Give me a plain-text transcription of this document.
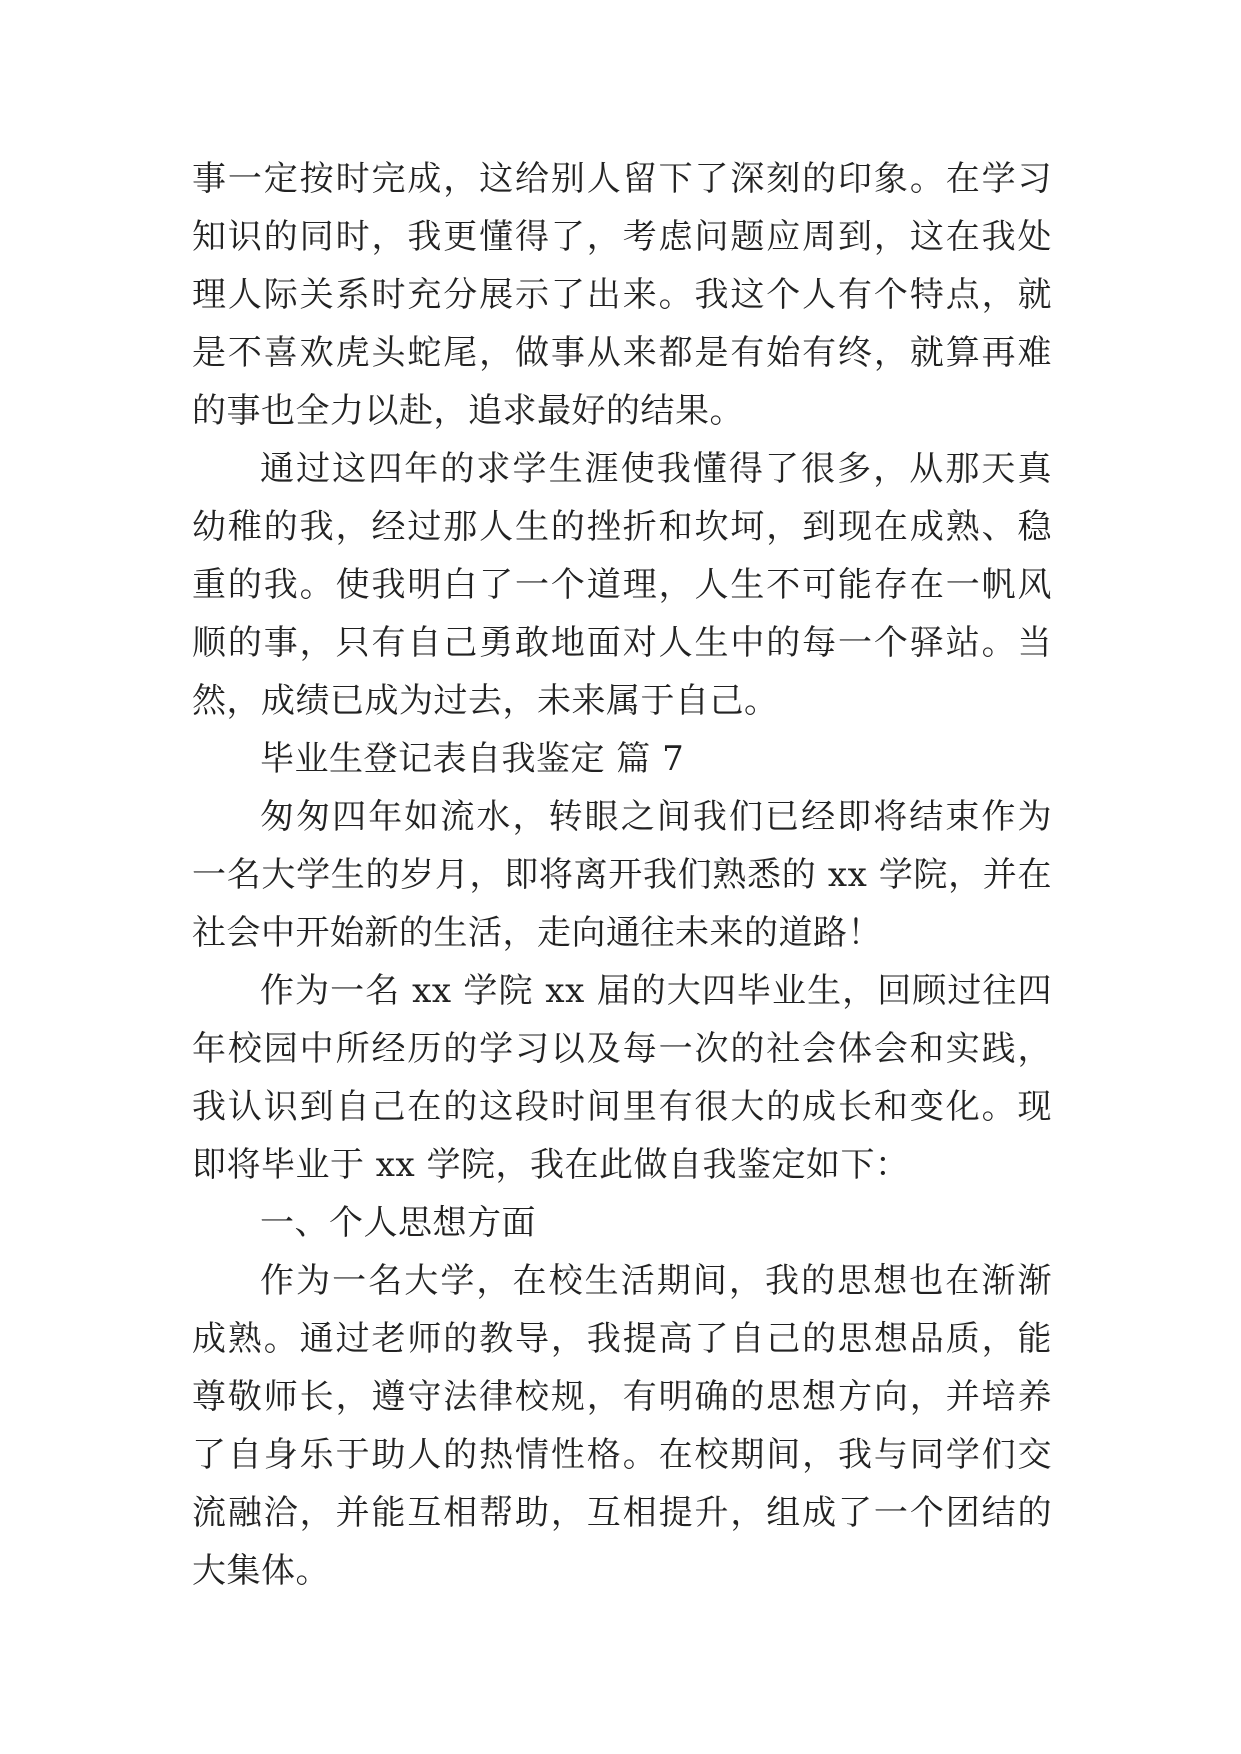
事一定按时完成，这给别人留下了深刻的印象。在学习知识的同时，我更懂得了，考虑问题应周到，这在我处理人际关系时充分展示了出来。我这个人有个特点，就是不喜欢虎头蛇尾，做事从来都是有始有终，就算再难的事也全力以赴，追求最好的结果。

通过这四年的求学生涯使我懂得了很多，从那天真幼稚的我，经过那人生的挫折和坎坷，到现在成熟、稳重的我。使我明白了一个道理，人生不可能存在一帆风顺的事，只有自己勇敢地面对人生中的每一个驿站。当然，成绩已成为过去，未来属于自己。

毕业生登记表自我鉴定 篇 7

匆匆四年如流水，转眼之间我们已经即将结束作为一名大学生的岁月，即将离开我们熟悉的 xx 学院，并在社会中开始新的生活，走向通往未来的道路！

作为一名 xx 学院 xx 届的大四毕业生，回顾过往四年校园中所经历的学习以及每一次的社会体会和实践，我认识到自己在的这段时间里有很大的成长和变化。现即将毕业于 xx 学院，我在此做自我鉴定如下：

一、个人思想方面

作为一名大学，在校生活期间，我的思想也在渐渐成熟。通过老师的教导，我提高了自己的思想品质，能尊敬师长，遵守法律校规，有明确的思想方向，并培养了自身乐于助人的热情性格。在校期间，我与同学们交流融洽，并能互相帮助，互相提升，组成了一个团结的大集体。
